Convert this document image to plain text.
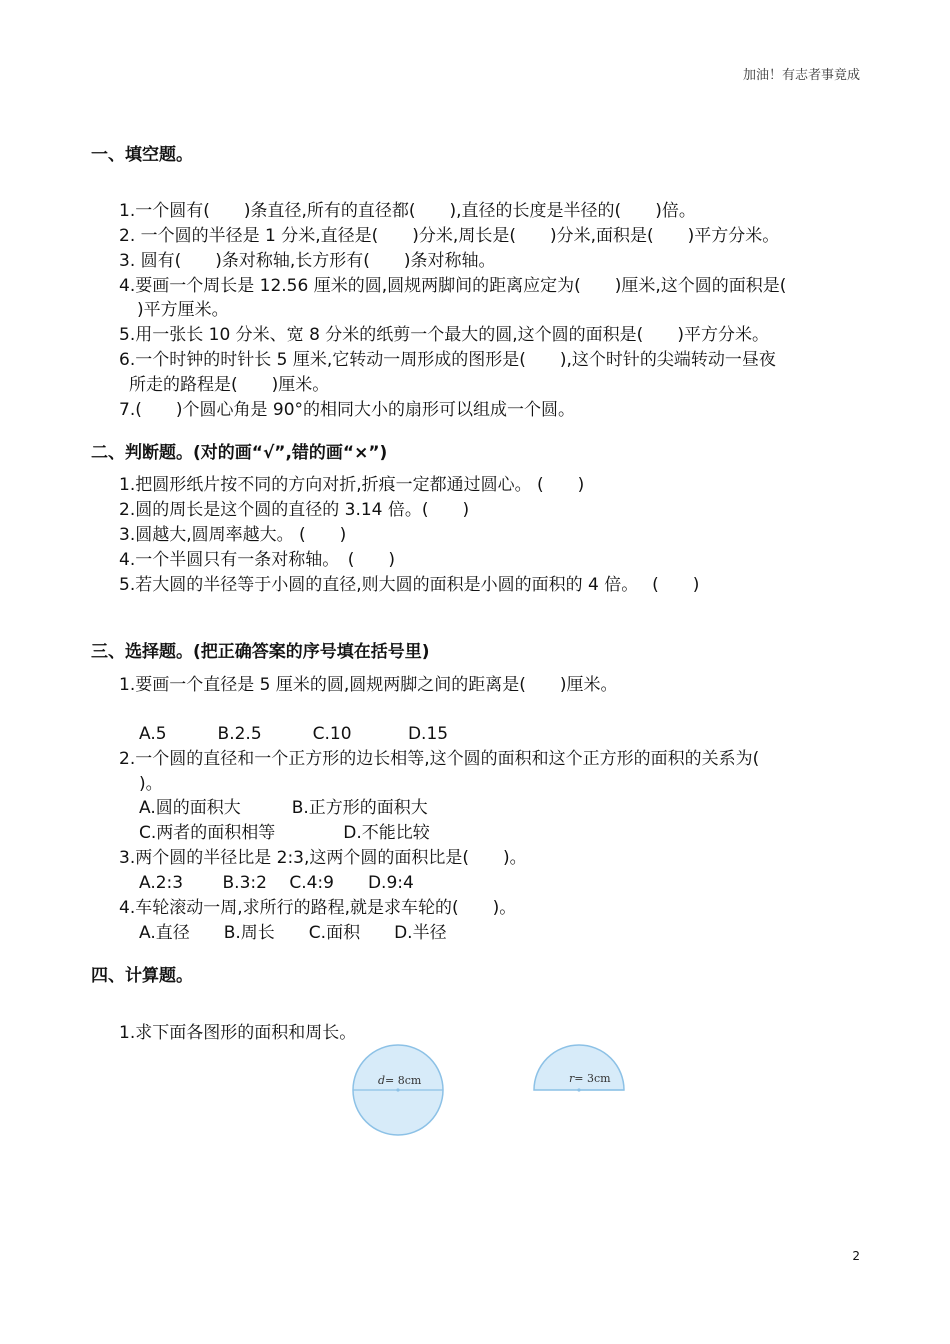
加油！有志者事竟成
一、填空题。
1.一个圆有(　　)条直径,所有的直径都(　　),直径的长度是半径的(　　)倍。
2. 一个圆的半径是 1 分米,直径是(　　)分米,周长是(　　)分米,面积是(　　)平方分米。
3. 圆有(　　)条对称轴,长方形有(　　)条对称轴。
4.要画一个周长是 12.56 厘米的圆,圆规两脚间的距离应定为(　　)厘米,这个圆的面积是(
)平方厘米。
5.用一张长 10 分米、宽 8 分米的纸剪一个最大的圆,这个圆的面积是(　　)平方分米。
6.一个时钟的时针长 5 厘米,它转动一周形成的图形是(　　),这个时针的尖端转动一昼夜
所走的路程是(　　)厘米。
7.(　　)个圆心角是 90°的相同大小的扇形可以组成一个圆。
二、判断题。(对的画“√”,错的画“×”)
1.把圆形纸片按不同的方向对折,折痕一定都通过圆心。 (　　)
2.圆的周长是这个圆的直径的 3.14 倍。(　　)
3.圆越大,圆周率越大。 (　　)
4.一个半圆只有一条对称轴。　(　　)
5.若大圆的半径等于小圆的直径,则大圆的面积是小圆的面积的 4 倍。　 (　　)
三、选择题。(把正确答案的序号填在括号里)
1.要画一个直径是 5 厘米的圆,圆规两脚之间的距离是(　　)厘米。
A.5　　　B.2.5　　　C.10　　　 D.15
2.一个圆的直径和一个正方形的边长相等,这个圆的面积和这个正方形的面积的关系为(
)。
A.圆的面积大　　　B.正方形的面积大
C.两者的面积相等　　　　D.不能比较
3.两个圆的半径比是 2:3,这两个圆的面积比是(　　)。
A.2:3　　 B.3:2　 C.4:9　　D.9:4
4.车轮滚动一周,求所行的路程,就是求车轮的(　　)。
A.直径　　B.周长　　C.面积　　D.半径
四、计算题。
1.求下面各图形的面积和周长。
d= 8cm	r= 3cm
2
